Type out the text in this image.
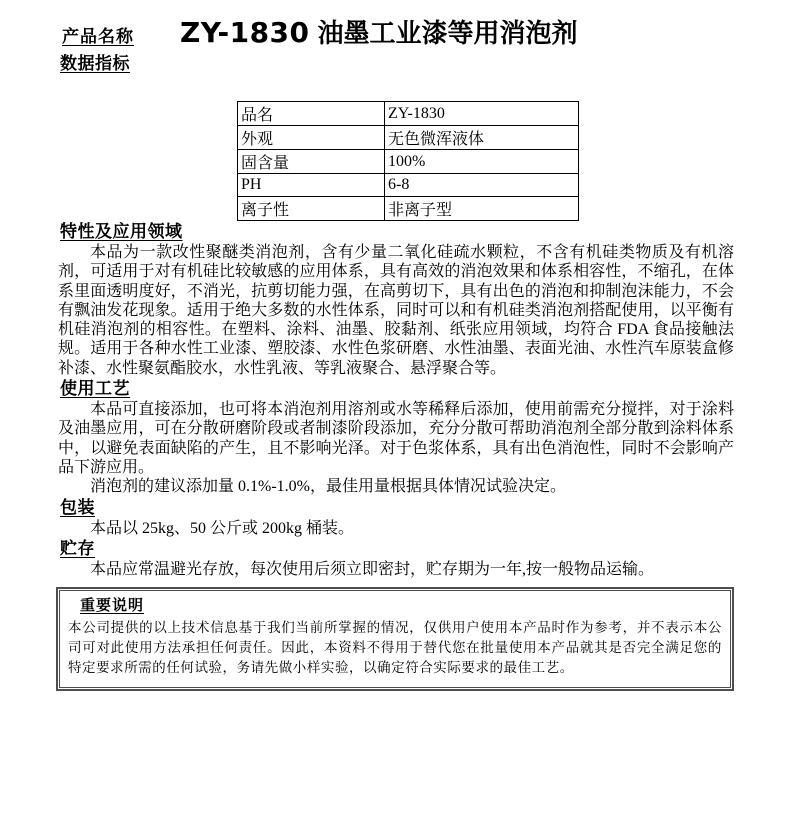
产品名称 ZY-1830 油墨工业漆等用消泡剂
数据指标
品名	ZY-1830
外观	无色微浑液体
固含量	100%
PH	6-8
离子性	非离子型
特性及应用领域

本品为一款改性聚醚类消泡剂，含有少量二氧化硅疏水颗粒，不含有机硅类物质及有机溶剂，可适用于对有机硅比较敏感的应用体系，具有高效的消泡效果和体系相容性，不缩孔，在体系里面透明度好，不消光，抗剪切能力强，在高剪切下，具有出色的消泡和抑制泡沫能力，不会有飘油发花现象。适用于绝大多数的水性体系，同时可以和有机硅类消泡剂搭配使用，以平衡有机硅消泡剂的相容性。在塑料、涂料、油墨、胶黏剂、纸张应用领域，均符合 FDA 食品接触法规。适用于各种水性工业漆、塑胶漆、水性色浆研磨、水性油墨、表面光油、水性汽车原装盒修补漆、水性聚氨酯胶水，水性乳液、等乳液聚合、悬浮聚合等。

使用工艺

本品可直接添加，也可将本消泡剂用溶剂或水等稀释后添加，使用前需充分搅拌，对于涂料及油墨应用，可在分散研磨阶段或者制漆阶段添加，充分分散可帮助消泡剂全部分散到涂料体系中，以避免表面缺陷的产生，且不影响光泽。对于色浆体系，具有出色消泡性，同时不会影响产品下游应用。

消泡剂的建议添加量 0.1%-1.0%，最佳用量根据具体情况试验决定。

包装

本品以 25kg、50 公斤或 200kg 桶装。

贮存

本品应常温避光存放，每次使用后须立即密封，贮存期为一年,按一般物品运输。

重要说明

本公司提供的以上技术信息基于我们当前所掌握的情况，仅供用户使用本产品时作为参考，并不表示本公司可对此使用方法承担任何责任。因此，本资料不得用于替代您在批量使用本产品就其是否完全满足您的特定要求所需的任何试验，务请先做小样实验，以确定符合实际要求的最佳工艺。
